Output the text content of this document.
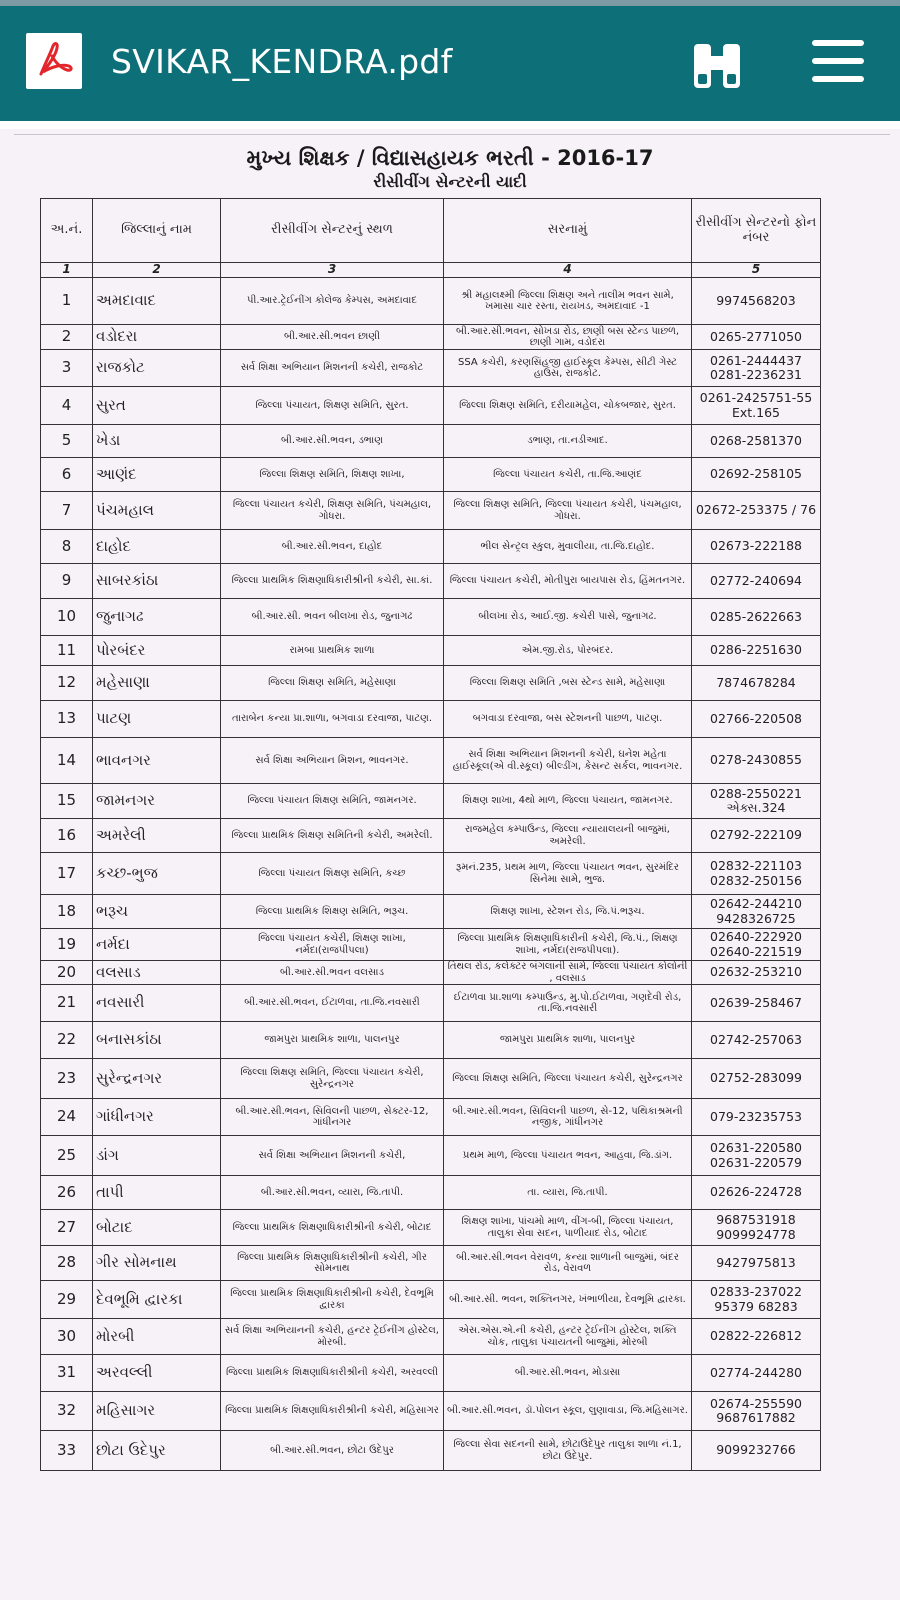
SVIKAR_KENDRA.pdf
મુખ્ય શિક્ષક / વિદ્યાસહાયક ભરતી - 2016-17
રીસીવીંગ સેન્ટરની યાદી
અ.નં.	જિલ્લાનું નામ	રીસીવીંગ સેન્ટરનું સ્થળ	સરનામું	રીસીવીંગ સેન્ટરનો ફોન નંબર
1	2	3	4	5
1	અમદાવાદ	પી.આર.ટ્રેઈનીંગ કોલેજ કેમ્પસ, અમદાવાદ	શ્રી મહાલક્ષ્મી જિલ્લા શિક્ષણ અને તાલીમ ભવન સામે, ખમાસા ચાર રસ્તા, રાયખડ, અમદાવાદ -1	9974568203
2	વડોદરા	બી.આર.સી.ભવન છાણી	બી.આર.સી.ભવન, સોખડા રોડ, છાણી બસ સ્ટેન્ડ પાછળ, છાણી ગામ, વડોદરા	0265-2771050
3	રાજકોટ	સર્વ શિક્ષા અભિયાન મિશનની કચેરી, રાજકોટ	SSA કચેરી, કરણસિંહજી હાઈસ્કૂલ કેમ્પસ, સીટી ગેસ્ટ હાઉસ, રાજકોટ.	0261-2444437 0281-2236231
4	સુરત	જિલ્લા પંચાયત, શિક્ષણ સમિતિ, સુરત.	જિલ્લા શિક્ષણ સમિતિ, દરીયામહેલ, ચોકબજાર, સુરત.	0261-2425751-55 Ext.165
5	ખેડા	બી.આર.સી.ભવન, ડભાણ	ડભાણ, તા.નડીઆદ.	0268-2581370
6	આણંદ	જિલ્લા શિક્ષણ સમિતિ, શિક્ષણ શાખા,	જિલ્લા પંચાયત કચેરી, તા.જિ.આણંદ	02692-258105
7	પંચમહાલ	જિલ્લા પંચાયત કચેરી, શિક્ષણ સમિતિ, પંચમહાલ, ગોધરા.	જિલ્લા શિક્ષણ સમિતિ, જિલ્લા પંચાયત કચેરી, પંચમહાલ, ગોધરા.	02672-253375 / 76
8	દાહોદ	બી.આર.સી.ભવન, દાહોદ	ભીલ સેન્ટ્રલ સ્કુલ, મુવાલીયા, તા.જિ.દાહોદ.	02673-222188
9	સાબરકાંઠા	જિલ્લા પ્રાથમિક શિક્ષણાધિકારીશ્રીની કચેરી, સા.કાં.	જિલ્લા પંચાયત કચેરી, મોતીપુરા બાયપાસ રોડ, હિંમતનગર.	02772-240694
10	જુનાગઢ	બી.આર.સી. ભવન બીલખા રોડ, જુનાગઢ	બીલખા રોડ, આઈ.જી. કચેરી પાસે, જુનાગઢ.	0285-2622663
11	પોરબંદર	રામબા પ્રાથમિક શાળા	એમ.જી.રોડ, પોરબંદર.	0286-2251630
12	મહેસાણા	જિલ્લા શિક્ષણ સમિતિ, મહેસાણા	જિલ્લા શિક્ષણ સમિતિ ,બસ સ્ટેન્ડ સામે, મહેસાણા	7874678284
13	પાટણ	તારાબેન કન્યા પ્રા.શાળા, બગવાડા દરવાજા, પાટણ.	બગવાડા દરવાજા, બસ સ્ટેશનની પાછળ, પાટણ.	02766-220508
14	ભાવનગર	સર્વ શિક્ષા અભિયાન મિશન, ભાવનગર.	સર્વ શિક્ષા અભિયાન મિશનની કચેરી, ઘનેશ મહેતા હાઈસ્કૂલ(એ વી.સ્કૂલ) બીલ્ડીંગ, કેસન્ટ સર્કલ, ભાવનગર.	0278-2430855
15	જામનગર	જિલ્લા પંચાયત શિક્ષણ સમિતિ, જામનગર.	શિક્ષણ શાખા, 4થો માળ, જિલ્લા પંચાયત, જામનગર.	0288-2550221 એક્સ.324
16	અમરેલી	જિલ્લા પ્રાથમિક શિક્ષણ સમિતિની કચેરી, અમરેલી.	રાજમહેલ કમ્પાઉન્ડ, જિલ્લા ન્યાયાલયની બાજુમાં, અમરેલી.	02792-222109
17	કચ્છ-ભુજ	જિલ્લા પંચાયત શિક્ષણ સમિતિ, કચ્છ	રૂમનં.235, પ્રથમ માળ, જિલ્લા પંચાયત ભવન, સુરમંદિર સિનેમા સામે, ભુજ.	02832-221103 02832-250156
18	ભરૂચ	જિલ્લા પ્રાથમિક શિક્ષણ સમિતિ, ભરૂચ.	શિક્ષણ શાખા, સ્ટેશન રોડ, જિ.પં.ભરૂચ.	02642-244210 9428326725
19	નર્મદા	જિલ્લા પંચાયત કચેરી, શિક્ષણ શાખા, નર્મદા(રાજપીપલા)	જિલ્લા પ્રાથમિક શિક્ષણાધિકારીની કચેરી, જિ.પં., શિક્ષણ શાખા, નર્મદા(રાજપીપલા).	02640-222920 02640-221519
20	વલસાડ	બી.આર.સી.ભવન વલસાડ	તિથલ રોડ, કલેક્ટર બંગલાની સામે, જિલ્લા પંચાયત કોલોની , વલસાડ	02632-253210
21	નવસારી	બી.આર.સી.ભવન, ઈટાળવા, તા.જિ.નવસારી	ઈટાળવા પ્રા.શાળા કમ્પાઉન્ડ, મુ.પો.ઈટાળવા, ગણદેવી રોડ, તા.જિ.નવસારી	02639-258467
22	બનાસકાંઠા	જામપુરા પ્રાથમિક શાળા, પાલનપુર	જામપુરા પ્રાથમિક શાળા, પાલનપુર	02742-257063
23	સુરેન્દ્રનગર	જિલ્લા શિક્ષણ સમિતિ, જિલ્લા પંચાયત કચેરી, સુરેન્દ્રનગર	જિલ્લા શિક્ષણ સમિતિ, જિલ્લા પંચાયત કચેરી, સુરેન્દ્રનગર	02752-283099
24	ગાંધીનગર	બી.આર.સી.ભવન, સિવિલની પાછળ, સેક્ટર-12, ગાંધીનગર	બી.આર.સી.ભવન, સિવિલની પાછળ, સે-12, પથિકાશ્રમની નજીક, ગાંધીનગર	079-23235753
25	ડાંગ	સર્વ શિક્ષા અભિયાન મિશનની કચેરી,	પ્રથમ માળ, જિલ્લા પંચાયત ભવન, આહવા, જિ.ડાંગ.	02631-220580 02631-220579
26	તાપી	બી.આર.સી.ભવન, વ્યારા, જિ.તાપી.	તા. વ્યારા, જિ.તાપી.	02626-224728
27	બોટાદ	જિલ્લા પ્રાથમિક શિક્ષણાધિકારીશ્રીની કચેરી, બોટાદ	શિક્ષણ શાખા, પાંચમો માળ, વીંગ-બી, જિલ્લા પંચાયત, તાલુકા સેવા સદન, પાળીયાદ રોડ, બોટાદ	9687531918 9099924778
28	ગીર સોમનાથ	જિલ્લા પ્રાથમિક શિક્ષણાધિકારીશ્રીની કચેરી, ગીર સોમનાથ	બી.આર.સી.ભવન વેરાવળ, કન્યા શાળાની બાજુમાં, બંદર રોડ, વેરાવળ	9427975813
29	દેવભૂમિ દ્વારકા	જિલ્લા પ્રાથમિક શિક્ષણાધિકારીશ્રીની કચેરી, દેવભૂમિ દ્વારકા	બી.આર.સી. ભવન, શક્તિનગર, ખંભાળીયા, દેવભૂમિ દ્વારકા.	02833-237022 95379 68283
30	મોરબી	સર્વ શિક્ષા અભિયાનની કચેરી, હન્ટર ટ્રેઈનીંગ હોસ્ટેલ, મોરબી.	એસ.એસ.એ.ની કચેરી, હન્ટર ટ્રેઈનીંગ હોસ્ટેલ, શક્તિ ચોક, તાલુકા પંચાયતની બાજુમાં, મોરબી	02822-226812
31	અરવલ્લી	જિલ્લા પ્રાથમિક શિક્ષણાધિકારીશ્રીની કચેરી, અરવલ્લી	બી.આર.સી.ભવન, મોડાસા	02774-244280
32	મહિસાગર	જિલ્લા પ્રાથમિક શિક્ષણાધિકારીશ્રીની કચેરી, મહિસાગર	બી.આર.સી.ભવન, ડૉ.પોલન સ્કૂલ, લુણાવાડા, જિ.મહિસાગર.	02674-255590 9687617882
33	છોટા ઉદેપુર	બી.આર.સી.ભવન, છોટા ઉદેપુર	જિલ્લા સેવા સદનની સામે, છોટાઉદેપુર તાલુકા શાળા નં.1, છોટા ઉદેપુર.	9099232766
